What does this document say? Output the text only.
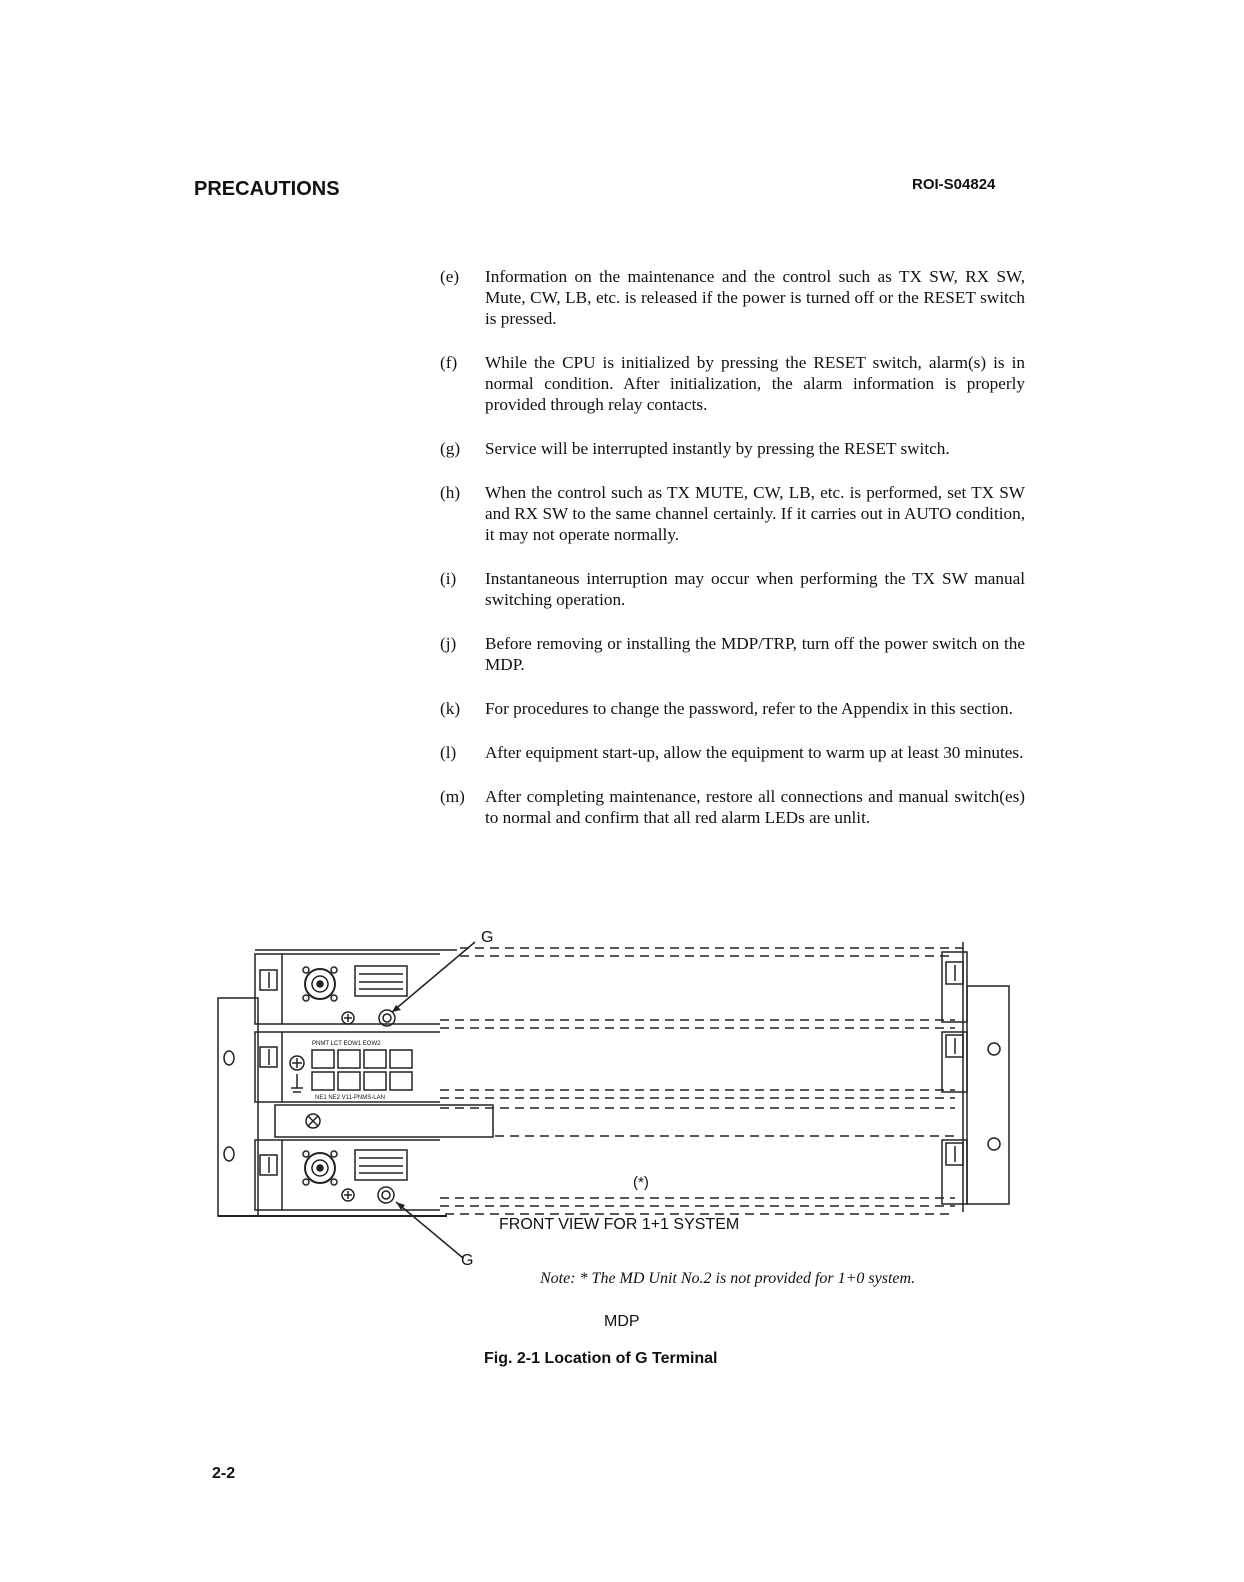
PRECAUTIONS	ROI-S04824
(e)	Information on the maintenance and the control such as TX SW, RX SW, Mute, CW, LB, etc. is released if the power is turned off or the RESET switch is pressed.
(f)	While the CPU is initialized by pressing the RESET switch, alarm(s) is in normal condition. After initialization, the alarm information is properly provided through relay contacts.
(g)	Service will be interrupted instantly by pressing the RESET switch.
(h)	When the control such as TX MUTE, CW, LB, etc. is performed, set TX SW and RX SW to the same channel certainly. If it carries out in AUTO condition, it may not operate normally.
(i)	Instantaneous interruption may occur when performing the TX SW manual switching operation.
(j)	Before removing or installing the MDP/TRP, turn off the power switch on the MDP.
(k)	For procedures to change the password, refer to the Appendix in this section.
(l)	After equipment start-up, allow the equipment to warm up at least 30 minutes.
(m)	After completing maintenance, restore all connections and manual switch(es) to normal and confirm that all red alarm LEDs are unlit.
G
G
(*)
FRONT VIEW FOR 1+1 SYSTEM
PNMT LCT EOW1 EOW2
NE1 NE2 V11-PNMS-LAN
Note: * The MD Unit No.2 is not provided for 1+0 system.
MDP
Fig. 2-1 Location of G Terminal
2-2
